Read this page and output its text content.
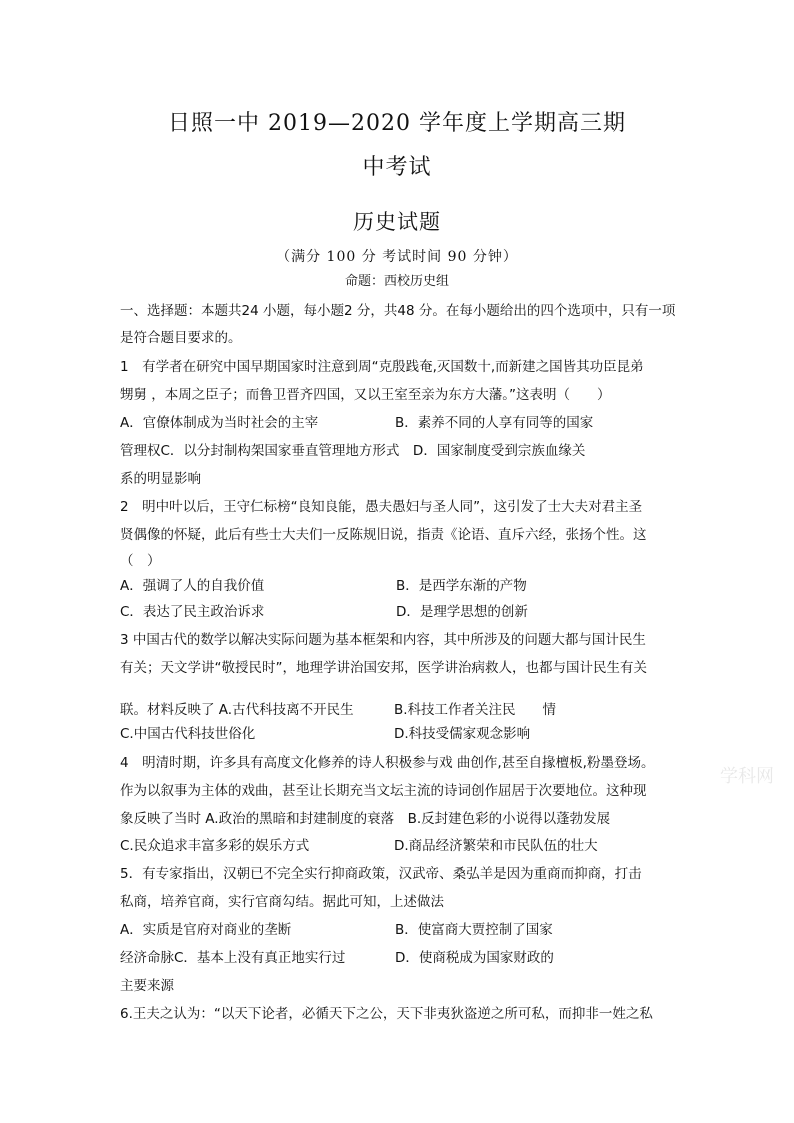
日照一中 2019—2020 学年度上学期高三期
中考试
历史试题
（满分 100 分 考试时间 90 分钟）
命题：西校历史组
一、选择题：本题共24 小题，每小题2 分，共48 分。在每小题给出的四个选项中，只有一项
是符合题目要求的。
1　有学者在研究中国早期国家时注意到周“克殷践奄,灭国数十,而新建之国皆其功臣昆弟
甥舅 ，本周之臣子；而鲁卫晋齐四国，又以王室至亲为东方大藩。”这表明（　　）
A．官僚体制成为当时社会的主宰	B．素养不同的人享有同等的国家
管理权C．以分封制构架国家垂直管理地方形式　D．国家制度受到宗族血缘关
系的明显影响
2　明中叶以后，王守仁标榜“良知良能，愚夫愚妇与圣人同”，这引发了士大夫对君主圣
贤偶像的怀疑，此后有些士大夫们一反陈规旧说，指责《论语、直斥六经，张扬个性。这
（　）
A．强调了人的自我价值	B．是西学东渐的产物
C．表达了民主政治诉求	D．是理学思想的创新
3 中国古代的数学以解决实际问题为基本框架和内容，其中所涉及的问题大都与国计民生
有关；天文学讲“敬授民时”，地理学讲治国安邦，医学讲治病救人，也都与国计民生有关
联。材料反映了 A.古代科技离不开民生	B.科技工作者关注民　　情
C.中国古代科技世俗化	D.科技受儒家观念影响
4　明清时期，许多具有高度文化修养的诗人积极参与戏 曲创作,甚至自掾檀板,粉墨登场。
作为以叙事为主体的戏曲，甚至让长期充当文坛主流的诗词创作屈居于次要地位。这种现
象反映了当时 A.政治的黑暗和封建制度的衰落　B.反封建色彩的小说得以蓬勃发展
C.民众追求丰富多彩的娱乐方式	D.商品经济繁荣和市民队伍的壮大
5．有专家指出，汉朝已不完全实行抑商政策，汉武帝、桑弘羊是因为重商而抑商，打击
私商，培养官商，实行官商勾结。据此可知，上述做法
A．实质是官府对商业的垄断	B．使富商大贾控制了国家
经济命脉C．基本上没有真正地实行过	D．使商税成为国家财政的
主要来源
6.王夫之认为：“以天下论者，必循天下之公，天下非夷狄盗逆之所可私，而抑非一姓之私
学科网
